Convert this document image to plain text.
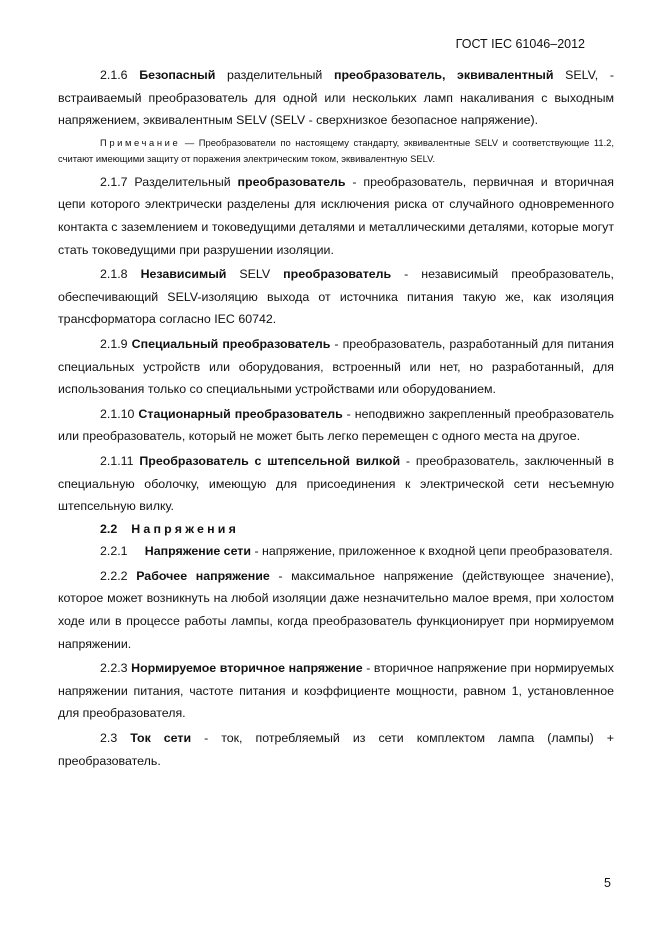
ГОСТ IEC 61046–2012

2.1.6 Безопасный разделительный преобразователь, эквивалентный SELV, - встраиваемый преобразователь для одной или нескольких ламп накаливания с выходным напряжением, эквивалентным SELV (SELV - сверхнизкое безопасное напряжение).

Примечание — Преобразователи по настоящему стандарту, эквивалентные SELV и соответствующие 11.2, считают имеющими защиту от поражения электрическим током, эквивалентную SELV.

2.1.7 Разделительный преобразователь - преобразователь, первичная и вторичная цепи которого электрически разделены для исключения риска от случайного одновременного контакта с заземлением и токоведущими деталями и металлическими деталями, которые могут стать токоведущими при разрушении изоляции.

2.1.8 Независимый SELV преобразователь - независимый преобразователь, обеспечивающий SELV-изоляцию выхода от источника питания такую же, как изоляция трансформатора согласно IEC 60742.

2.1.9 Специальный преобразователь - преобразователь, разработанный для питания специальных устройств или оборудования, встроенный или нет, но разработанный, для использования только со специальными устройствами или оборудованием.

2.1.10 Стационарный преобразователь - неподвижно закрепленный преобразователь или преобразователь, который не может быть легко перемещен с одного места на другое.

2.1.11 Преобразователь с штепсельной вилкой - преобразователь, заключенный в специальную оболочку, имеющую для присоединения к электрической сети несъемную штепсельную вилку.

2.2 Напряжения

2.2.1 Напряжение сети - напряжение, приложенное к входной цепи преобразователя.

2.2.2 Рабочее напряжение - максимальное напряжение (действующее значение), которое может возникнуть на любой изоляции даже незначительно малое время, при холостом ходе или в процессе работы лампы, когда преобразователь функционирует при нормируемом напряжении.

2.2.3 Нормируемое вторичное напряжение - вторичное напряжение при нормируемых напряжении питания, частоте питания и коэффициенте мощности, равном 1, установленное для преобразователя.

2.3 Ток сети - ток, потребляемый из сети комплектом лампа (лампы) + преобразователь.

5
